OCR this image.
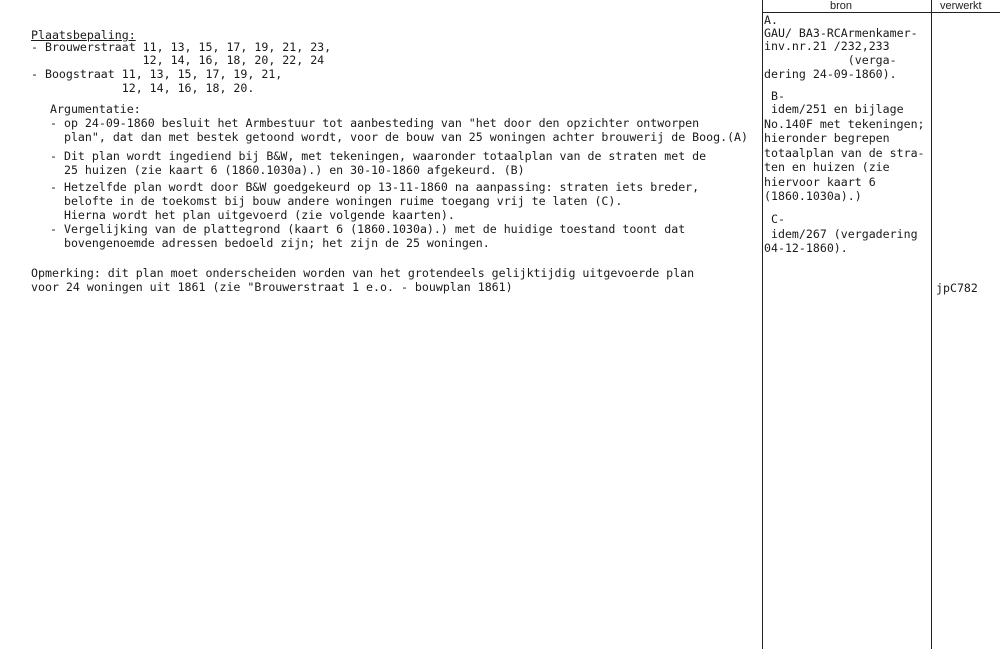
bron	verwerkt
Plaatsbepaling:
- Brouwerstraat 11, 13, 15, 17, 19, 21, 23,
12, 14, 16, 18, 20, 22, 24
- Boogstraat 11, 13, 15, 17, 19, 21,
12, 14, 16, 18, 20.
Argumentatie:
- op 24-09-1860 besluit het Armbestuur tot aanbesteding van "het door den opzichter ontworpen
plan", dat dan met bestek getoond wordt, voor de bouw van 25 woningen achter brouwerij de Boog.(A)
- Dit plan wordt ingediend bij B&W, met tekeningen, waaronder totaalplan van de straten met de
25 huizen (zie kaart 6 (1860.1030a).) en 30-10-1860 afgekeurd. (B)
- Hetzelfde plan wordt door B&W goedgekeurd op 13-11-1860 na aanpassing: straten iets breder,
belofte in de toekomst bij bouw andere woningen ruime toegang vrij te laten (C).
Hierna wordt het plan uitgevoerd (zie volgende kaarten).
- Vergelijking van de plattegrond (kaart 6 (1860.1030a).) met de huidige toestand toont dat
bovengenoemde adressen bedoeld zijn; het zijn de 25 woningen.
Opmerking: dit plan moet onderscheiden worden van het grotendeels gelijktijdig uitgevoerde plan
voor 24 woningen uit 1861 (zie "Brouwerstraat 1 e.o. - bouwplan 1861)
A.
GAU/ BA3-RCArmenkamer-
inv.nr.21 /232,233
(verga-
dering 24-09-1860).
B-
idem/251 en bijlage
No.140F met tekeningen;
hieronder begrepen
totaalplan van de stra-
ten en huizen (zie
hiervoor kaart 6
(1860.1030a).)
C-
idem/267 (vergadering
04-12-1860).
jpC782
